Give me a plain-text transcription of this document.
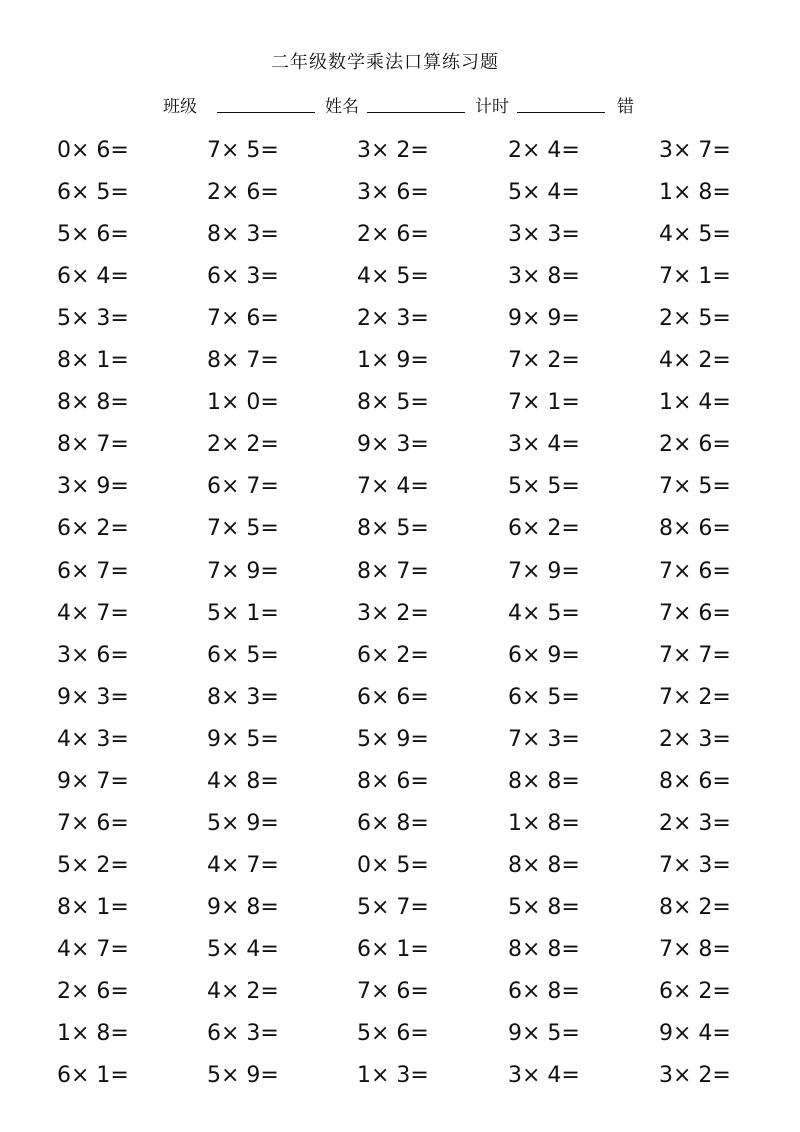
二年级数学乘法口算练习题
班级	姓名	计时	错
0× 6=	7× 5=	3× 2=	2× 4=	3× 7=
6× 5=	2× 6=	3× 6=	5× 4=	1× 8=
5× 6=	8× 3=	2× 6=	3× 3=	4× 5=
6× 4=	6× 3=	4× 5=	3× 8=	7× 1=
5× 3=	7× 6=	2× 3=	9× 9=	2× 5=
8× 1=	8× 7=	1× 9=	7× 2=	4× 2=
8× 8=	1× 0=	8× 5=	7× 1=	1× 4=
8× 7=	2× 2=	9× 3=	3× 4=	2× 6=
3× 9=	6× 7=	7× 4=	5× 5=	7× 5=
6× 2=	7× 5=	8× 5=	6× 2=	8× 6=
6× 7=	7× 9=	8× 7=	7× 9=	7× 6=
4× 7=	5× 1=	3× 2=	4× 5=	7× 6=
3× 6=	6× 5=	6× 2=	6× 9=	7× 7=
9× 3=	8× 3=	6× 6=	6× 5=	7× 2=
4× 3=	9× 5=	5× 9=	7× 3=	2× 3=
9× 7=	4× 8=	8× 6=	8× 8=	8× 6=
7× 6=	5× 9=	6× 8=	1× 8=	2× 3=
5× 2=	4× 7=	0× 5=	8× 8=	7× 3=
8× 1=	9× 8=	5× 7=	5× 8=	8× 2=
4× 7=	5× 4=	6× 1=	8× 8=	7× 8=
2× 6=	4× 2=	7× 6=	6× 8=	6× 2=
1× 8=	6× 3=	5× 6=	9× 5=	9× 4=
6× 1=	5× 9=	1× 3=	3× 4=	3× 2=
